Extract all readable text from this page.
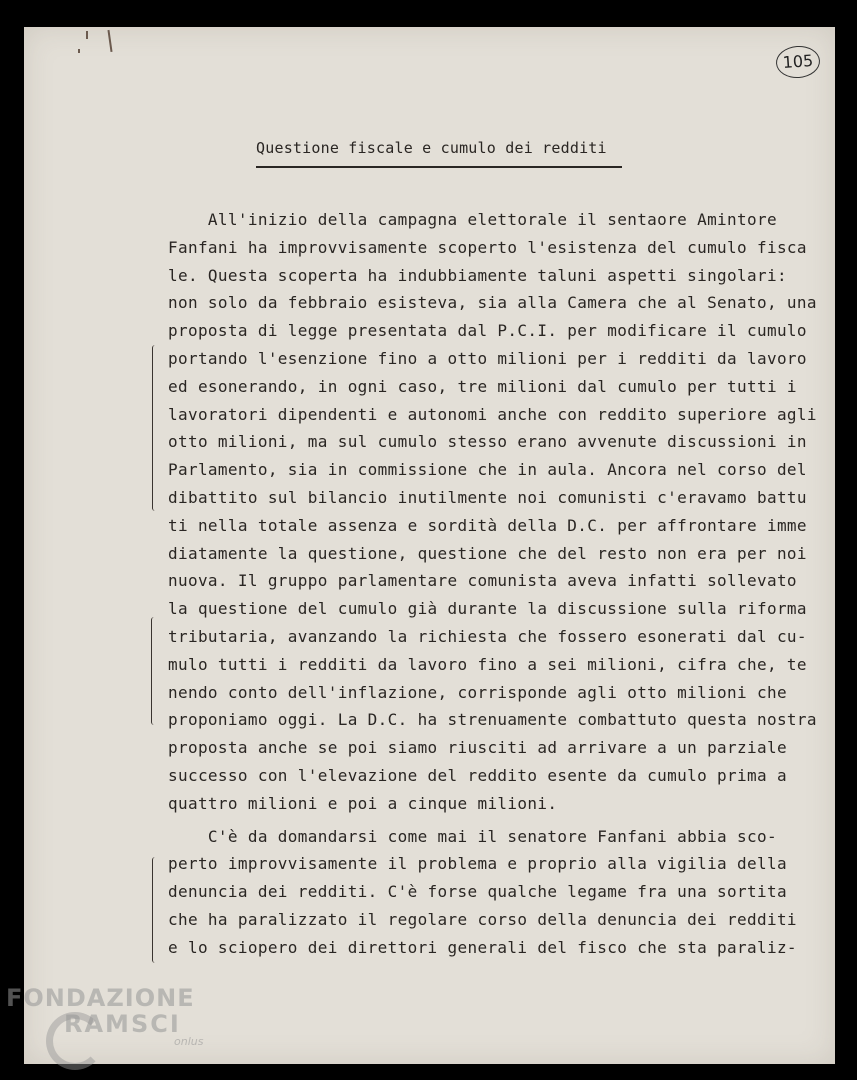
105
Questione fiscale e cumulo dei redditi
All'inizio della campagna elettorale il sentaore Amintore
Fanfani ha improvvisamente scoperto l'esistenza del cumulo fisca
le. Questa scoperta ha indubbiamente taluni aspetti singolari:
non solo da febbraio esisteva, sia alla Camera che al Senato, una
proposta di legge presentata dal P.C.I. per modificare il cumulo
portando l'esenzione fino a otto milioni per i redditi da lavoro
ed esonerando, in ogni caso, tre milioni dal cumulo per tutti i
lavoratori dipendenti e autonomi anche con reddito superiore agli
otto milioni, ma sul cumulo stesso erano avvenute discussioni in
Parlamento, sia in commissione che in aula. Ancora nel corso del
dibattito sul bilancio inutilmente noi comunisti c'eravamo battu
ti nella totale assenza e sordità della D.C. per affrontare imme
diatamente la questione, questione che del resto non era per noi
nuova. Il gruppo parlamentare comunista aveva infatti sollevato
la questione del cumulo già durante la discussione sulla riforma
tributaria, avanzando la richiesta che fossero esonerati dal cu-
mulo tutti i redditi da lavoro fino a sei milioni, cifra che, te
nendo conto dell'inflazione, corrisponde agli otto milioni che
proponiamo oggi. La D.C. ha strenuamente combattuto questa nostra
proposta anche se poi siamo riusciti ad arrivare a un parziale
successo con l'elevazione del reddito esente da cumulo prima a
quattro milioni e poi a cinque milioni.
C'è da domandarsi come mai il senatore Fanfani abbia sco-
perto improvvisamente il problema e proprio alla vigilia della
denuncia dei redditi. C'è forse qualche legame fra una sortita
che ha paralizzato il regolare corso della denuncia dei redditi
e lo sciopero dei direttori generali del fisco che sta paraliz-
FONDAZIONE
RAMSCI
onlus
